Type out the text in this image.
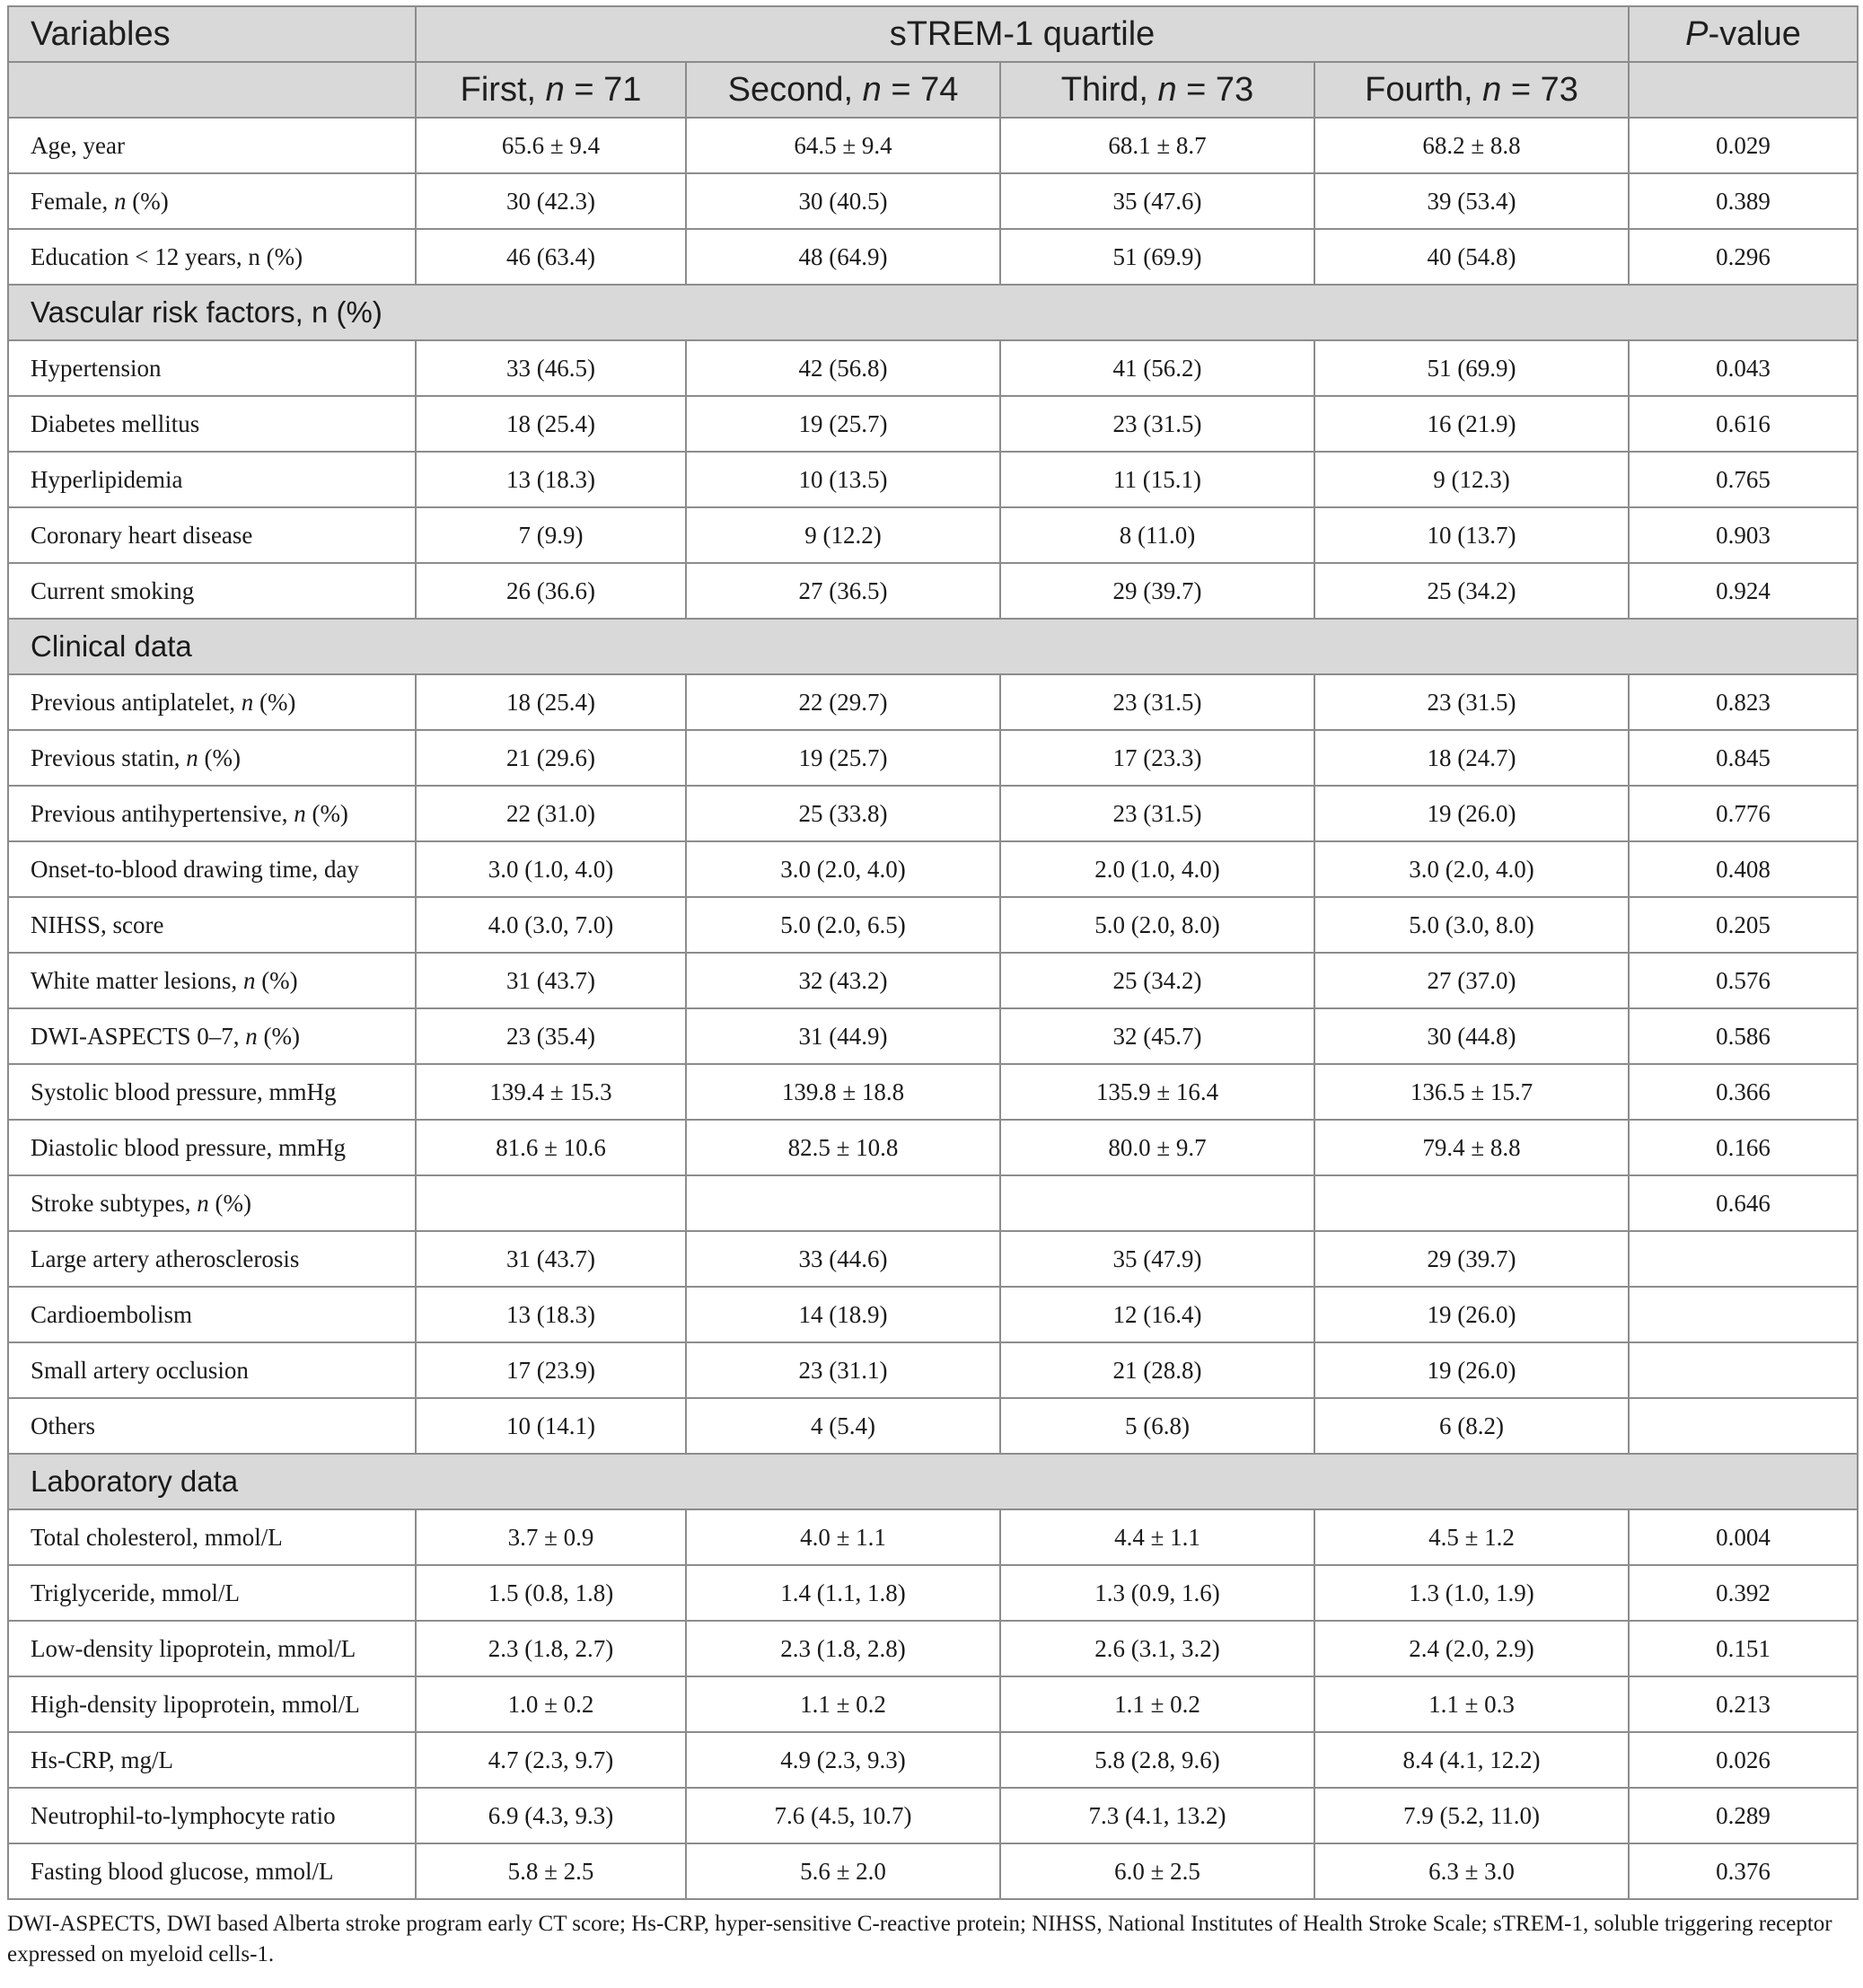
Variables	sTREM-1 quartile				P-value
	First, n = 71	Second, n = 74	Third, n = 73	Fourth, n = 73	
Age, year	65.6 ± 9.4	64.5 ± 9.4	68.1 ± 8.7	68.2 ± 8.8	0.029
Female, n (%)	30 (42.3)	30 (40.5)	35 (47.6)	39 (53.4)	0.389
Education < 12 years, n (%)	46 (63.4)	48 (64.9)	51 (69.9)	40 (54.8)	0.296
Vascular risk factors, n (%)					
Hypertension	33 (46.5)	42 (56.8)	41 (56.2)	51 (69.9)	0.043
Diabetes mellitus	18 (25.4)	19 (25.7)	23 (31.5)	16 (21.9)	0.616
Hyperlipidemia	13 (18.3)	10 (13.5)	11 (15.1)	9 (12.3)	0.765
Coronary heart disease	7 (9.9)	9 (12.2)	8 (11.0)	10 (13.7)	0.903
Current smoking	26 (36.6)	27 (36.5)	29 (39.7)	25 (34.2)	0.924
Clinical data					
Previous antiplatelet, n (%)	18 (25.4)	22 (29.7)	23 (31.5)	23 (31.5)	0.823
Previous statin, n (%)	21 (29.6)	19 (25.7)	17 (23.3)	18 (24.7)	0.845
Previous antihypertensive, n (%)	22 (31.0)	25 (33.8)	23 (31.5)	19 (26.0)	0.776
Onset-to-blood drawing time, day	3.0 (1.0, 4.0)	3.0 (2.0, 4.0)	2.0 (1.0, 4.0)	3.0 (2.0, 4.0)	0.408
NIHSS, score	4.0 (3.0, 7.0)	5.0 (2.0, 6.5)	5.0 (2.0, 8.0)	5.0 (3.0, 8.0)	0.205
White matter lesions, n (%)	31 (43.7)	32 (43.2)	25 (34.2)	27 (37.0)	0.576
DWI-ASPECTS 0–7, n (%)	23 (35.4)	31 (44.9)	32 (45.7)	30 (44.8)	0.586
Systolic blood pressure, mmHg	139.4 ± 15.3	139.8 ± 18.8	135.9 ± 16.4	136.5 ± 15.7	0.366
Diastolic blood pressure, mmHg	81.6 ± 10.6	82.5 ± 10.8	80.0 ± 9.7	79.4 ± 8.8	0.166
Stroke subtypes, n (%)					0.646
Large artery atherosclerosis	31 (43.7)	33 (44.6)	35 (47.9)	29 (39.7)	
Cardioembolism	13 (18.3)	14 (18.9)	12 (16.4)	19 (26.0)	
Small artery occlusion	17 (23.9)	23 (31.1)	21 (28.8)	19 (26.0)	
Others	10 (14.1)	4 (5.4)	5 (6.8)	6 (8.2)	
Laboratory data					
Total cholesterol, mmol/L	3.7 ± 0.9	4.0 ± 1.1	4.4 ± 1.1	4.5 ± 1.2	0.004
Triglyceride, mmol/L	1.5 (0.8, 1.8)	1.4 (1.1, 1.8)	1.3 (0.9, 1.6)	1.3 (1.0, 1.9)	0.392
Low-density lipoprotein, mmol/L	2.3 (1.8, 2.7)	2.3 (1.8, 2.8)	2.6 (3.1, 3.2)	2.4 (2.0, 2.9)	0.151
High-density lipoprotein, mmol/L	1.0 ± 0.2	1.1 ± 0.2	1.1 ± 0.2	1.1 ± 0.3	0.213
Hs-CRP, mg/L	4.7 (2.3, 9.7)	4.9 (2.3, 9.3)	5.8 (2.8, 9.6)	8.4 (4.1, 12.2)	0.026
Neutrophil-to-lymphocyte ratio	6.9 (4.3, 9.3)	7.6 (4.5, 10.7)	7.3 (4.1, 13.2)	7.9 (5.2, 11.0)	0.289
Fasting blood glucose, mmol/L	5.8 ± 2.5	5.6 ± 2.0	6.0 ± 2.5	6.3 ± 3.0	0.376
DWI-ASPECTS, DWI based Alberta stroke program early CT score; Hs-CRP, hyper-sensitive C-reactive protein; NIHSS, National Institutes of Health Stroke Scale; sTREM-1, soluble triggering receptor expressed on myeloid cells-1.
